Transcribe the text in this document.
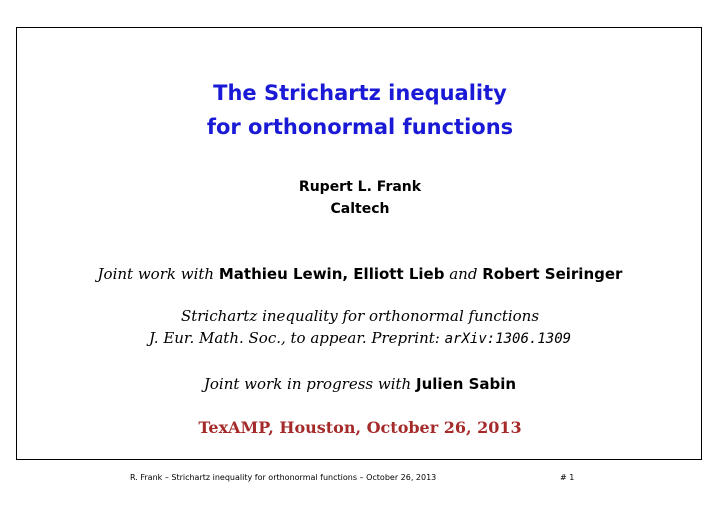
The Strichartz inequality
for orthonormal functions
Rupert L. Frank
Caltech
Joint work with Mathieu Lewin, Elliott Lieb and Robert Seiringer
Strichartz inequality for orthonormal functions
J. Eur. Math. Soc., to appear. Preprint: arXiv:1306.1309
Joint work in progress with Julien Sabin
TexAMP, Houston, October 26, 2013
R. Frank – Strichartz inequality for orthonormal functions – October 26, 2013	# 1
